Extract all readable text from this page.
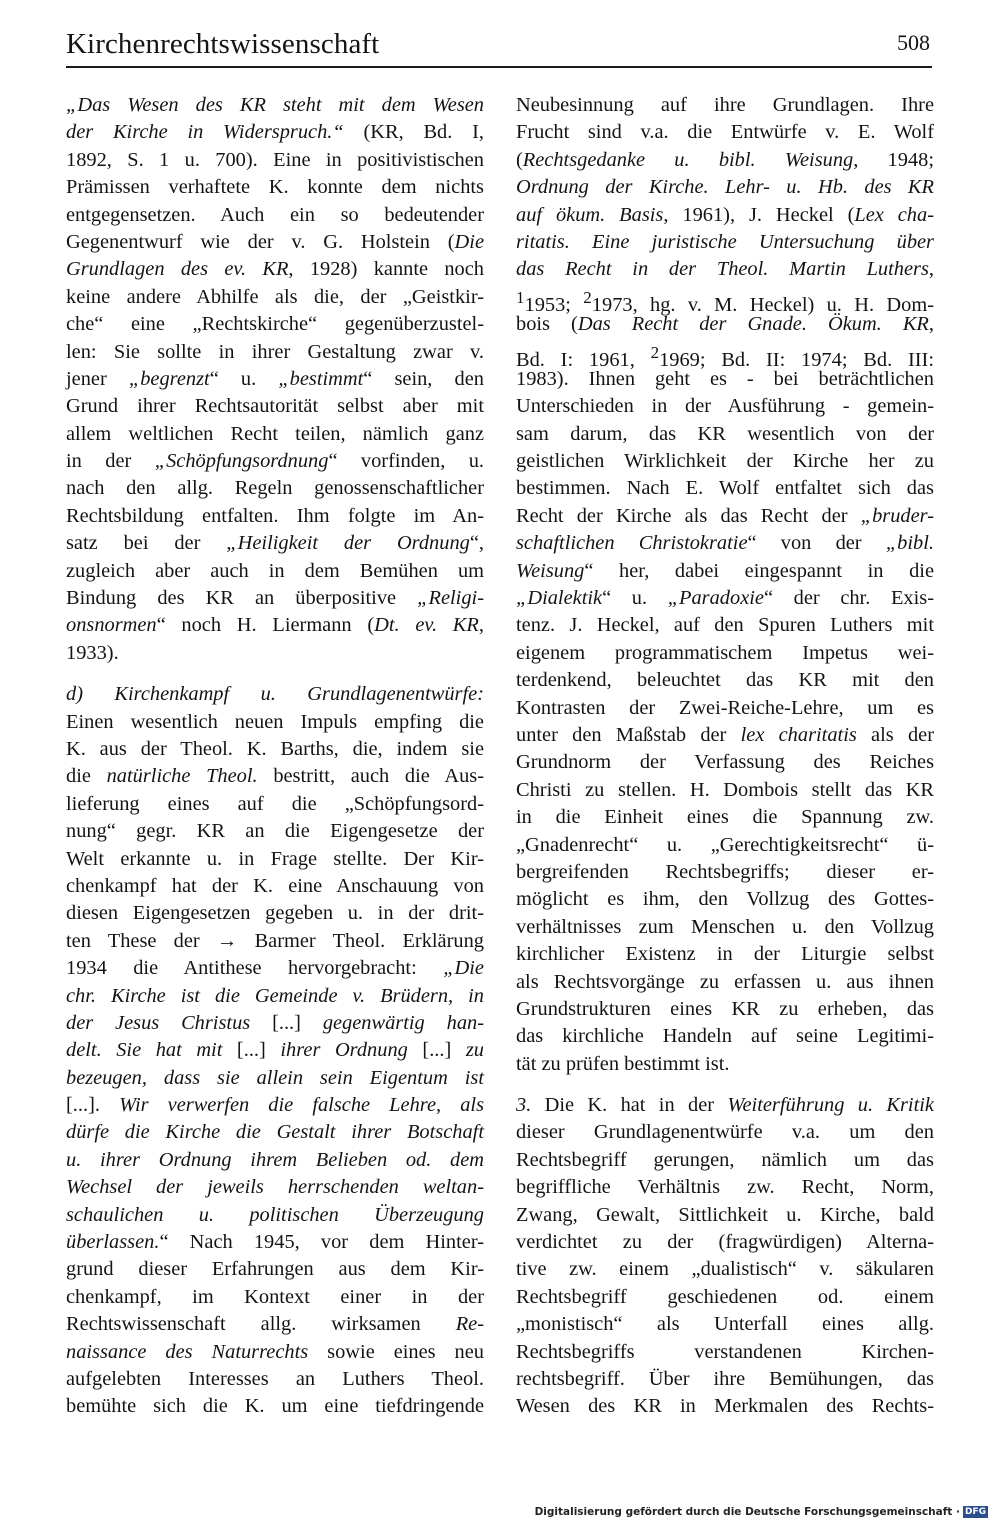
Kirchenrechtswissenschaft	508
„Das Wesen des KR steht mit dem Wesen
der Kirche in Widerspruch.“ (KR, Bd. I,
1892, S. 1 u. 700). Eine in positivistischen
Prämissen verhaftete K. konnte dem nichts
entgegensetzen. Auch ein so bedeutender
Gegenentwurf wie der v. G. Holstein (Die
Grundlagen des ev. KR, 1928) kannte noch
keine andere Abhilfe als die, der „Geistkir-
che“ eine „Rechtskirche“ gegenüberzustel-
len: Sie sollte in ihrer Gestaltung zwar v.
jener „begrenzt“ u. „bestimmt“ sein, den
Grund ihrer Rechtsautorität selbst aber mit
allem weltlichen Recht teilen, nämlich ganz
in der „Schöpfungsordnung“ vorfinden, u.
nach den allg. Regeln genossenschaftlicher
Rechtsbildung entfalten. Ihm folgte im An-
satz bei der „Heiligkeit der Ordnung“,
zugleich aber auch in dem Bemühen um
Bindung des KR an überpositive „Religi-
onsnormen“ noch H. Liermann (Dt. ev. KR,
1933).
d) Kirchenkampf u. Grundlagenentwürfe:
Einen wesentlich neuen Impuls empfing die
K. aus der Theol. K. Barths, die, indem sie
die natürliche Theol. bestritt, auch die Aus-
lieferung eines auf die „Schöpfungsord-
nung“ gegr. KR an die Eigengesetze der
Welt erkannte u. in Frage stellte. Der Kir-
chenkampf hat der K. eine Anschauung von
diesen Eigengesetzen gegeben u. in der drit-
ten These der → Barmer Theol. Erklärung
1934 die Antithese hervorgebracht: „Die
chr. Kirche ist die Gemeinde v. Brüdern, in
der Jesus Christus [...] gegenwärtig han-
delt. Sie hat mit [...] ihrer Ordnung [...] zu
bezeugen, dass sie allein sein Eigentum ist
[...]. Wir verwerfen die falsche Lehre, als
dürfe die Kirche die Gestalt ihrer Botschaft
u. ihrer Ordnung ihrem Belieben od. dem
Wechsel der jeweils herrschenden weltan-
schaulichen u. politischen Überzeugung
überlassen.“ Nach 1945, vor dem Hinter-
grund dieser Erfahrungen aus dem Kir-
chenkampf, im Kontext einer in der
Rechtswissenschaft allg. wirksamen Re-
naissance des Naturrechts sowie eines neu
aufgelebten Interesses an Luthers Theol.
bemühte sich die K. um eine tiefdringende
Neubesinnung auf ihre Grundlagen. Ihre
Frucht sind v.a. die Entwürfe v. E. Wolf
(Rechtsgedanke u. bibl. Weisung, 1948;
Ordnung der Kirche. Lehr- u. Hb. des KR
auf ökum. Basis, 1961), J. Heckel (Lex cha-
ritatis. Eine juristische Untersuchung über
das Recht in der Theol. Martin Luthers,
$^1$1953; $^2$1973, hg. v. M. Heckel) u. H. Dom-
bois (Das Recht der Gnade. Ökum. KR,
Bd. I: 1961, $^2$1969; Bd. II: 1974; Bd. III:
1983). Ihnen geht es - bei beträchtlichen
Unterschieden in der Ausführung - gemein-
sam darum, das KR wesentlich von der
geistlichen Wirklichkeit der Kirche her zu
bestimmen. Nach E. Wolf entfaltet sich das
Recht der Kirche als das Recht der „bruder-
schaftlichen Christokratie“ von der „bibl.
Weisung“ her, dabei eingespannt in die
„Dialektik“ u. „Paradoxie“ der chr. Exis-
tenz. J. Heckel, auf den Spuren Luthers mit
eigenem programmatischem Impetus wei-
terdenkend, beleuchtet das KR mit den
Kontrasten der Zwei-Reiche-Lehre, um es
unter den Maßstab der lex charitatis als der
Grundnorm der Verfassung des Reiches
Christi zu stellen. H. Dombois stellt das KR
in die Einheit eines die Spannung zw.
„Gnadenrecht“ u. „Gerechtigkeitsrecht“ ü-
bergreifenden Rechtsbegriffs; dieser er-
möglicht es ihm, den Vollzug des Gottes-
verhältnisses zum Menschen u. den Vollzug
kirchlicher Existenz in der Liturgie selbst
als Rechtsvorgänge zu erfassen u. aus ihnen
Grundstrukturen eines KR zu erheben, das
das kirchliche Handeln auf seine Legitimi-
tät zu prüfen bestimmt ist.
3. Die K. hat in der Weiterführung u. Kritik
dieser Grundlagenentwürfe v.a. um den
Rechtsbegriff gerungen, nämlich um das
begriffliche Verhältnis zw. Recht, Norm,
Zwang, Gewalt, Sittlichkeit u. Kirche, bald
verdichtet zu der (fragwürdigen) Alterna-
tive zw. einem „dualistisch“ v. säkularen
Rechtsbegriff geschiedenen od. einem
„monistisch“ als Unterfall eines allg.
Rechtsbegriffs verstandenen Kirchen-
rechtsbegriff. Über ihre Bemühungen, das
Wesen des KR in Merkmalen des Rechts-
Digitalisierung gefördert durch die Deutsche Forschungsgemeinschaft · DFG
